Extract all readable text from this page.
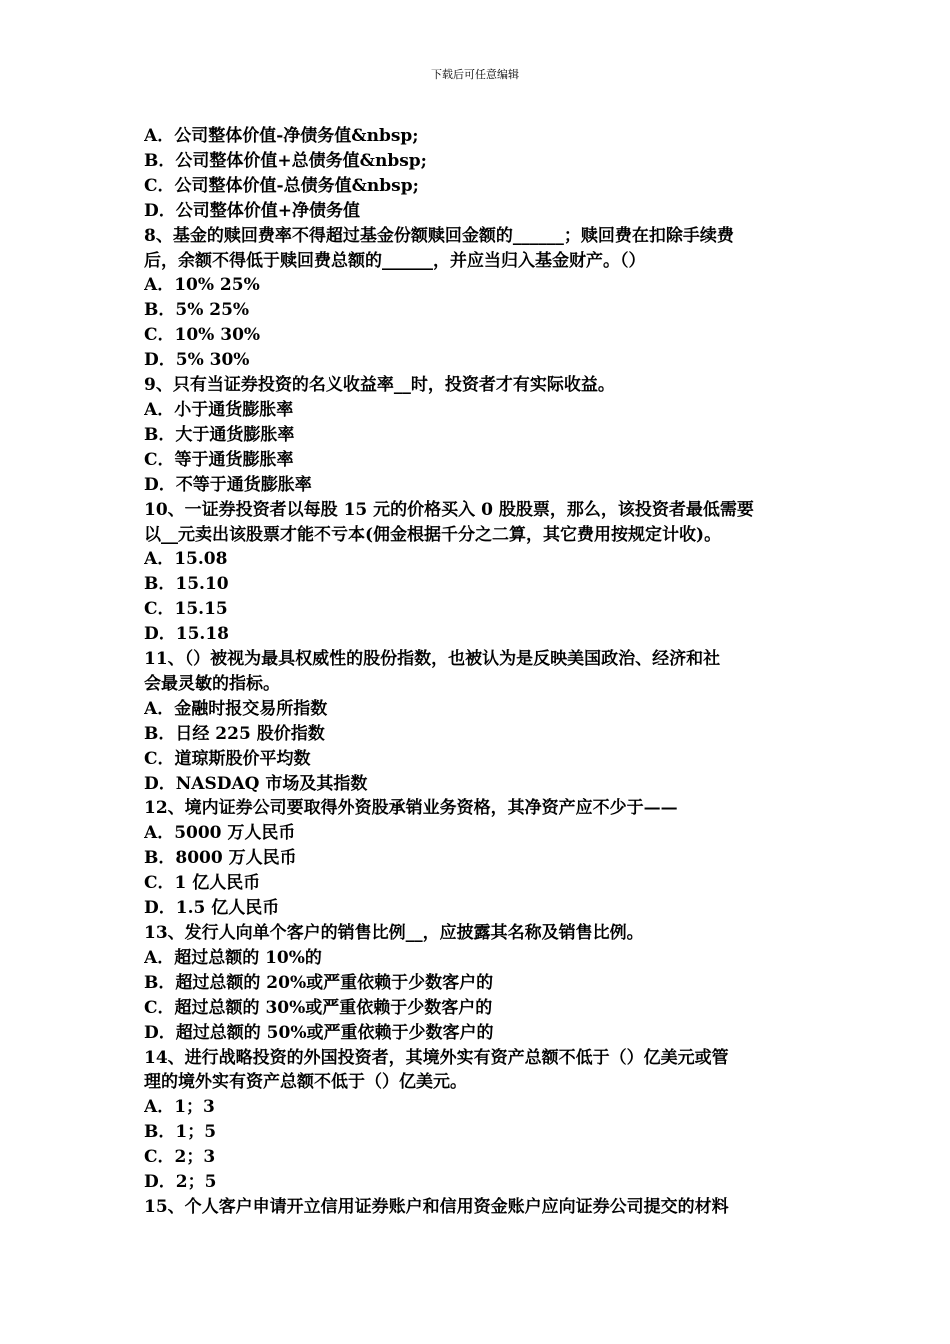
下载后可任意编辑
A．公司整体价值-净债务值&nbsp;
B．公司整体价值+总债务值&nbsp;
C．公司整体价值-总债务值&nbsp;
D．公司整体价值+净债务值
8、基金的赎回费率不得超过基金份额赎回金额的______；赎回费在扣除手续费
后，余额不得低于赎回费总额的______，并应当归入基金财产。（）
A．10% 25%
B．5% 25%
C．10% 30%
D．5% 30%
9、只有当证券投资的名义收益率__时，投资者才有实际收益。
A．小于通货膨胀率
B．大于通货膨胀率
C．等于通货膨胀率
D．不等于通货膨胀率
10、一证券投资者以每股 15 元的价格买入 0 股股票，那么，该投资者最低需要
以__元卖出该股票才能不亏本(佣金根据千分之二算，其它费用按规定计收)。
A．15.08
B．15.10
C．15.15
D．15.18
11、（）被视为最具权威性的股份指数，也被认为是反映美国政治、经济和社
会最灵敏的指标。
A．金融时报交易所指数
B．日经 225 股价指数
C．道琼斯股价平均数
D．NASDAQ 市场及其指数
12、境内证券公司要取得外资股承销业务资格，其净资产应不少于——
A．5000 万人民币
B．8000 万人民币
C．1 亿人民币
D．1.5 亿人民币
13、发行人向单个客户的销售比例__，应披露其名称及销售比例。
A．超过总额的 10%的
B．超过总额的 20%或严重依赖于少数客户的
C．超过总额的 30%或严重依赖于少数客户的
D．超过总额的 50%或严重依赖于少数客户的
14、进行战略投资的外国投资者，其境外实有资产总额不低于（）亿美元或管
理的境外实有资产总额不低于（）亿美元。
A．1；3
B．1；5
C．2；3
D．2；5
15、个人客户申请开立信用证券账户和信用资金账户应向证券公司提交的材料
